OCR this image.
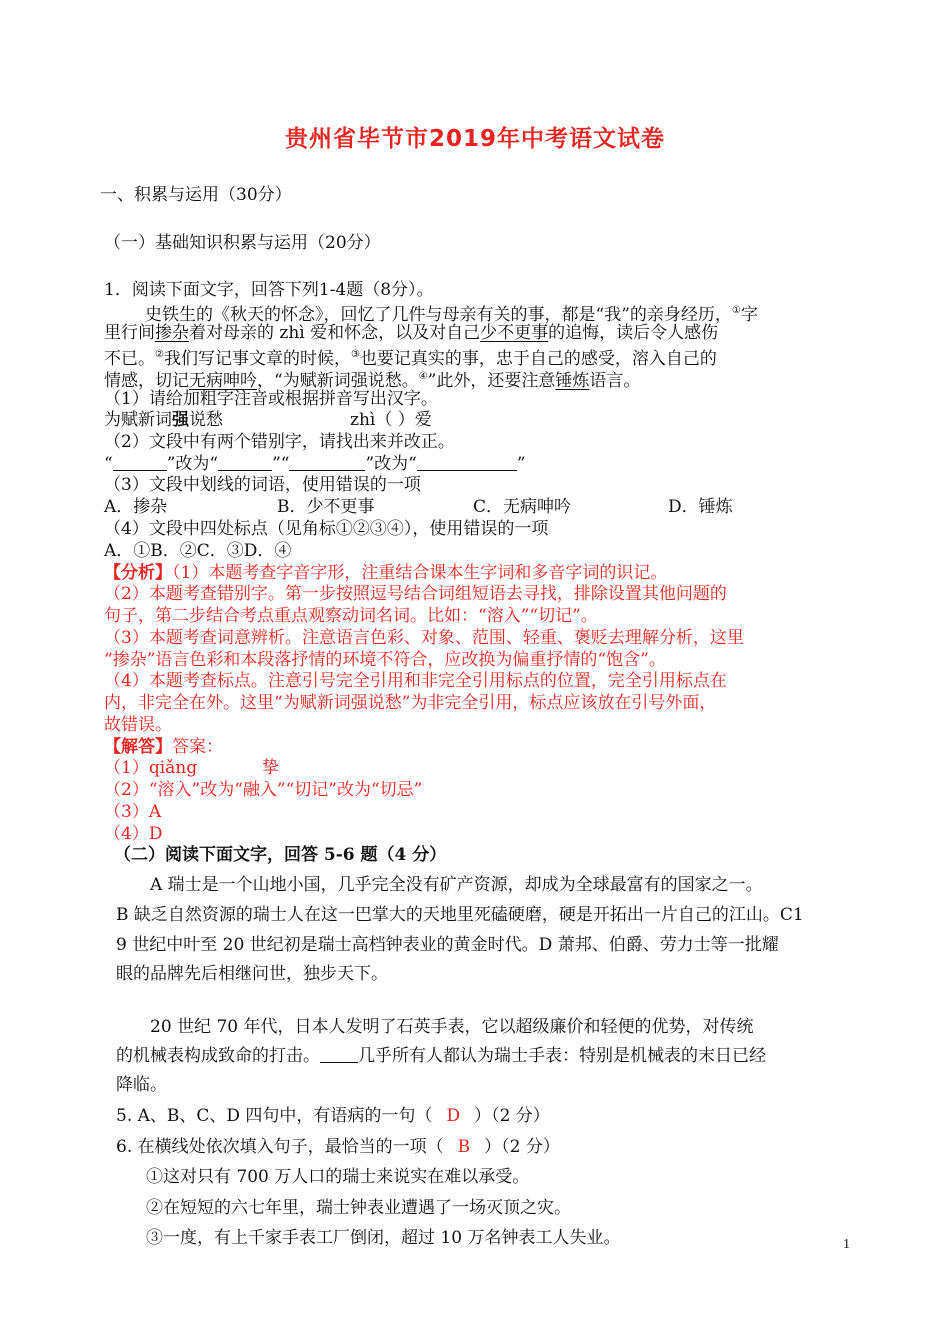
贵州省毕节市2019年中考语文试卷
一、积累与运用（30分）
（一）基础知识积累与运用（20分）
1．阅读下面文字，回答下列1-4题（8分）。
史铁生的《秋天的怀念》，回忆了几件与母亲有关的事，都是“我”的亲身经历，①字
里行间掺杂着对母亲的 zhì 爱和怀念，以及对自己少不更事的追悔，读后令人感伤
不已。②我们写记事文章的时候，③也要记真实的事，忠于自己的感受，溶入自己的
情感，切记无病呻吟，“为赋新词强说愁。④”此外，还要注意锤炼语言。
（1）请给加粗字注音或根据拼音写出汉字。
为赋新词强说愁	zhì（ ）爱
（2）文段中有两个错别字，请找出来并改正。
“	”改为“	”“	”改为“	”
（3）文段中划线的词语，使用错误的一项
A．掺杂	B．少不更事	C．无病呻吟	D．锤炼
（4）文段中四处标点（见角标①②③④），使用错误的一项
A．①B．②C．③D．④
【分析】（1）本题考查字音字形，注重结合课本生字词和多音字词的识记。
（2）本题考查错别字。第一步按照逗号结合词组短语去寻找，排除设置其他问题的
句子，第二步结合考点重点观察动词名词。比如：“溶入”“切记”。
（3）本题考查词意辨析。注意语言色彩、对象、范围、轻重、褒贬去理解分析，这里
“掺杂”语言色彩和本段落抒情的环境不符合，应改换为偏重抒情的“饱含”。
（4）本题考查标点。注意引号完全引用和非完全引用标点的位置，完全引用标点在
内，非完全在外。这里“为赋新词强说愁”为非完全引用，标点应该放在引号外面，
故错误。
【解答】答案：
（1）qiǎng	挚
（2）“溶入”改为“融入”“切记”改为“切忌”
（3）A
（4）D
（二）阅读下面文字，回答 5-6 题（4 分）
A 瑞士是一个山地小国，几乎完全没有矿产资源，却成为全球最富有的国家之一。
B 缺乏自然资源的瑞士人在这一巴掌大的天地里死磕硬磨，硬是开拓出一片自己的江山。C1
9 世纪中叶至 20 世纪初是瑞士高档钟表业的黄金时代。D 萧邦、伯爵、劳力士等一批耀
眼的品牌先后相继问世，独步天下。
20 世纪 70 年代，日本人发明了石英手表，它以超级廉价和轻便的优势，对传统
的机械表构成致命的打击。 几乎所有人都认为瑞士手表：特别是机械表的末日已经
降临。
5. A、B、C、D 四句中，有语病的一句（ D ）（2 分）
6. 在横线处依次填入句子，最恰当的一项（ B ）（2 分）
①这对只有 700 万人口的瑞士来说实在难以承受。
②在短短的六七年里，瑞士钟表业遭遇了一场灭顶之灾。
③一度，有上千家手表工厂倒闭，超过 10 万名钟表工人失业。	1
